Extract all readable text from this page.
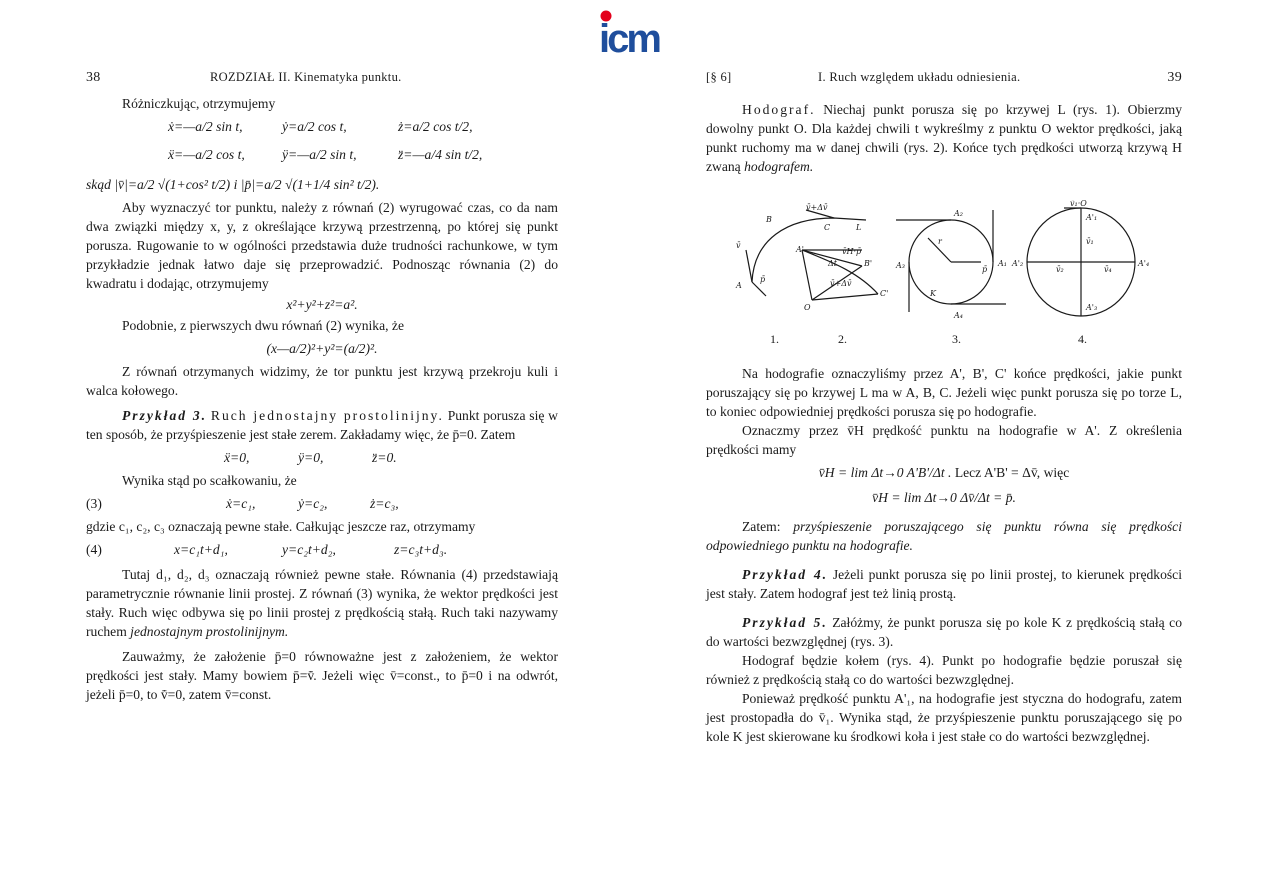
icm
38	ROZDZIAŁ II. Kinematyka punktu.

Różniczkując, otrzymujemy

ẋ=—a/2 sin t,	ẏ=a/2 cos t,	ż=a/2 cos t/2,
ẍ=—a/2 cos t,	ÿ=—a/2 sin t,	z̈=—a/4 sin t/2,

skąd |v̄|=a/2 √(1+cos² t/2) i |p̄|=a/2 √(1+1/4 sin² t/2).

Aby wyznaczyć tor punktu, należy z równań (2) wyrugować czas, co da nam dwa związki między x, y, z określające krzywą przestrzenną, po której się punkt porusza. Rugowanie to w ogólności przedstawia duże trudności rachunkowe, w tym przykładzie jednak łatwo daje się przeprowadzić. Podnosząc równania (2) do kwadratu i dodając, otrzymujemy

x²+y²+z²=a².

Podobnie, z pierwszych dwu równań (2) wynika, że

(x—a/2)²+y²=(a/2)².

Z równań otrzymanych widzimy, że tor punktu jest krzywą przekroju kuli i walca kołowego.

Przykład 3. Ruch jednostajny prostolinijny. Punkt porusza się w ten sposób, że przyśpieszenie jest stałe zerem. Zakładamy więc, że p̄=0. Zatem

ẍ=0,	ÿ=0,	z̈=0.

Wynika stąd po scałkowaniu, że

(3)	ẋ=c₁,	ẏ=c₂,	ż=c₃,

gdzie c₁, c₂, c₃ oznaczają pewne stałe. Całkując jeszcze raz, otrzymamy

(4)	x=c₁t+d₁,	y=c₂t+d₂,	z=c₃t+d₃.

Tutaj d₁, d₂, d₃ oznaczają również pewne stałe. Równania (4) przedstawiają parametrycznie równanie linii prostej. Z równań (3) wynika, że wektor prędkości jest stały. Ruch więc odbywa się po linii prostej z prędkością stałą. Ruch taki nazywamy ruchem jednostajnym prostolinijnym.

Zauważmy, że założenie p̄=0 równoważne jest z założeniem, że wektor prędkości jest stały. Mamy bowiem p̄=v̄̇. Jeżeli więc v̄=const., to p̄=0 i na odwrót, jeżeli p̄=0, to v̄̇=0, zatem v̄=const.

[§ 6]	I. Ruch względem układu odniesienia.	39

Hodograf. Niechaj punkt porusza się po krzywej L (rys. 1). Obierzmy dowolny punkt O. Dla każdej chwili t wykreślmy z punktu O wektor prędkości, jaką punkt ruchomy ma w danej chwili (rys. 2). Końce tych prędkości utworzą krzywą H zwaną hodografem.

B
v̄
A
p̄
v̄+Δv̄
C	L
A'
Δt
v̄H·p̄
B'
v̄+Δv̄
C'
O
A₁
r
A₂
p̄
A₃
K
A₄
v̄₁·Ō
A'₁
v̄₁
A'₂
v̄₂
A'₄
v̄₄
A'₃
1.	2.	3.	4.

Na hodografie oznaczyliśmy przez A', B', C' końce prędkości, jakie punkt poruszający się po krzywej L ma w A, B, C. Jeżeli więc punkt porusza się po torze L, to koniec odpowiedniej prędkości porusza się po hodografie.

Oznaczmy przez v̄H prędkość punktu na hodografie w A'. Z określenia prędkości mamy

v̄H = lim Δt→0 A'B'/Δt . Lecz A'B' = Δv̄, więc

v̄H = lim Δt→0 Δv̄/Δt = p̄.

Zatem: przyśpieszenie poruszającego się punktu równa się prędkości odpowiedniego punktu na hodografie.

Przykład 4. Jeżeli punkt porusza się po linii prostej, to kierunek prędkości jest stały. Zatem hodograf jest też linią prostą.

Przykład 5. Załóżmy, że punkt porusza się po kole K z prędkością stałą co do wartości bezwzględnej (rys. 3).

Hodograf będzie kołem (rys. 4). Punkt po hodografie będzie poruszał się również z prędkością stałą co do wartości bezwzględnej.

Ponieważ prędkość punktu A'₁, na hodografie jest styczna do hodografu, zatem jest prostopadła do v̄₁. Wynika stąd, że przyśpieszenie punktu poruszającego się po kole K jest skierowane ku środkowi koła i jest stałe co do wartości bezwzględnej.
